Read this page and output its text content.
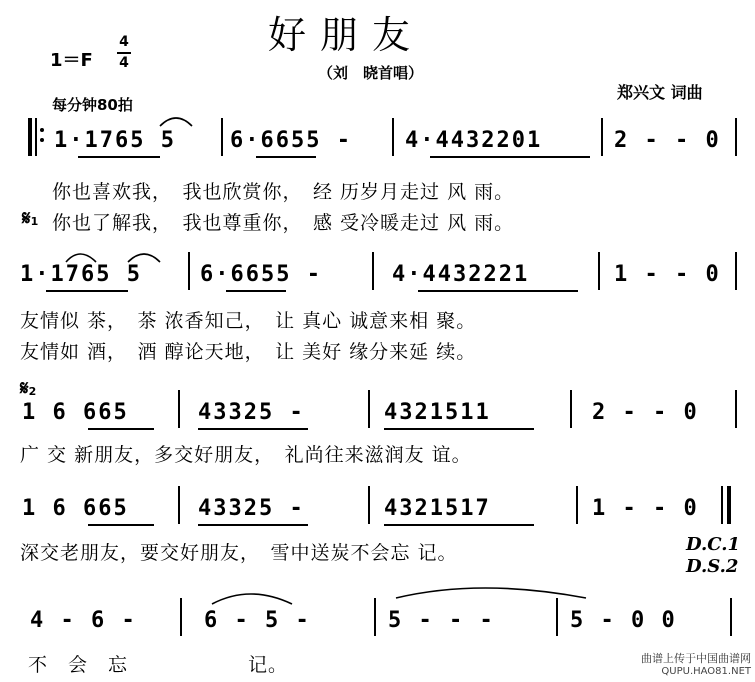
好朋友
（刘　晓首唱）
郑兴文 词曲
1＝F
4
4
每分钟80拍
1·1765 5 6·6655 - 4·4432201	2 - - 0
你也喜欢我，　我也欣赏你，　经 历岁月走过 风 雨。
𝄋1 你也了解我，　我也尊重你，　感 受冷暖走过 风 雨。
1·1765 5	6·6655 -	4·4432221	1 - - 0
友情似 茶，　茶 浓香知己，　让 真心 诚意来相 聚。
友情如 酒，　酒 醇论天地，　让 美好 缘分来延 续。
𝄋2
1 6 665	43325 -	4321511	2 - - 0
广 交 新朋友，多交好朋友，　礼尚往来滋润友 谊。
1 6 665	43325 -	4321517	1 - - 0
深交老朋友，要交好朋友，　雪中送炭不会忘 记。	D.C.1
D.S.2
4 - 6 -	6 - 5 -	5 - - -	5 - 0 0
不　会　忘　　　　　　记。	曲谱上传于中国曲谱网
QUPU.HAO81.NET
